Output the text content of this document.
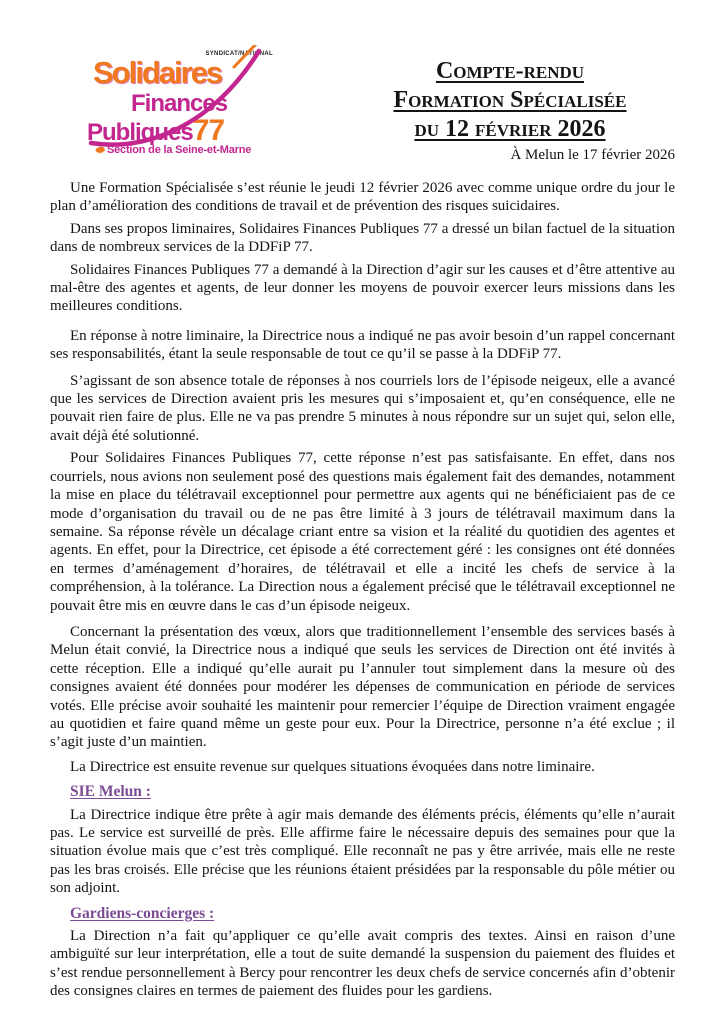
SYNDICAT/NATIONAL
Solidaires
Finances
Publiques77
Section de la Seine-et-Marne
Compte-rendu
Formation Spécialisée
du 12 février 2026
À Melun le 17 février 2026

Une Formation Spécialisée s’est réunie le jeudi 12 février 2026 avec comme unique ordre du jour le plan d’amélioration des conditions de travail et de prévention des risques suicidaires.

Dans ses propos liminaires, Solidaires Finances Publiques 77 a dressé un bilan factuel de la situation dans de nombreux services de la DDFiP 77.

Solidaires Finances Publiques 77 a demandé à la Direction d’agir sur les causes et d’être attentive au mal-être des agentes et agents, de leur donner les moyens de pouvoir exercer leurs missions dans les meilleures conditions.

En réponse à notre liminaire, la Directrice nous a indiqué ne pas avoir besoin d’un rappel concernant ses responsabilités, étant la seule responsable de tout ce qu’il se passe à la DDFiP 77.

S’agissant de son absence totale de réponses à nos courriels lors de l’épisode neigeux, elle a avancé que les services de Direction avaient pris les mesures qui s’imposaient et, qu’en conséquence, elle ne pouvait rien faire de plus. Elle ne va pas prendre 5 minutes à nous répondre sur un sujet qui, selon elle, avait déjà été solutionné.

Pour Solidaires Finances Publiques 77, cette réponse n’est pas satisfaisante. En effet, dans nos courriels, nous avions non seulement posé des questions mais également fait des demandes, notamment la mise en place du télétravail exceptionnel pour permettre aux agents qui ne bénéficiaient pas de ce mode d’organisation du travail ou de ne pas être limité à 3 jours de télétravail maximum dans la semaine. Sa réponse révèle un décalage criant entre sa vision et la réalité du quotidien des agentes et agents. En effet, pour la Directrice, cet épisode a été correctement géré : les consignes ont été données en termes d’aménagement d’horaires, de télétravail et elle a incité les chefs de service à la compréhension, à la tolérance. La Direction nous a également précisé que le télétravail exceptionnel ne pouvait être mis en œuvre dans le cas d’un épisode neigeux.

Concernant la présentation des vœux, alors que traditionnellement l’ensemble des services basés à Melun était convié, la Directrice nous a indiqué que seuls les services de Direction ont été invités à cette réception. Elle a indiqué qu’elle aurait pu l’annuler tout simplement dans la mesure où des consignes avaient été données pour modérer les dépenses de communication en période de services votés. Elle précise avoir souhaité les maintenir pour remercier l’équipe de Direction vraiment engagée au quotidien et faire quand même un geste pour eux. Pour la Directrice, personne n’a été exclue ; il s’agit juste d’un maintien.

La Directrice est ensuite revenue sur quelques situations évoquées dans notre liminaire.

SIE Melun :

La Directrice indique être prête à agir mais demande des éléments précis, éléments qu’elle n’aurait pas. Le service est surveillé de près. Elle affirme faire le nécessaire depuis des semaines pour que la situation évolue mais que c’est très compliqué. Elle reconnaît ne pas y être arrivée, mais elle ne reste pas les bras croisés. Elle précise que les réunions étaient présidées par la responsable du pôle métier ou son adjoint.

Gardiens-concierges :

La Direction n’a fait qu’appliquer ce qu’elle avait compris des textes. Ainsi en raison d’une ambiguïté sur leur interprétation, elle a tout de suite demandé la suspension du paiement des fluides et s’est rendue personnellement à Bercy pour rencontrer les deux chefs de service concernés afin d’obtenir des consignes claires en termes de paiement des fluides pour les gardiens.
